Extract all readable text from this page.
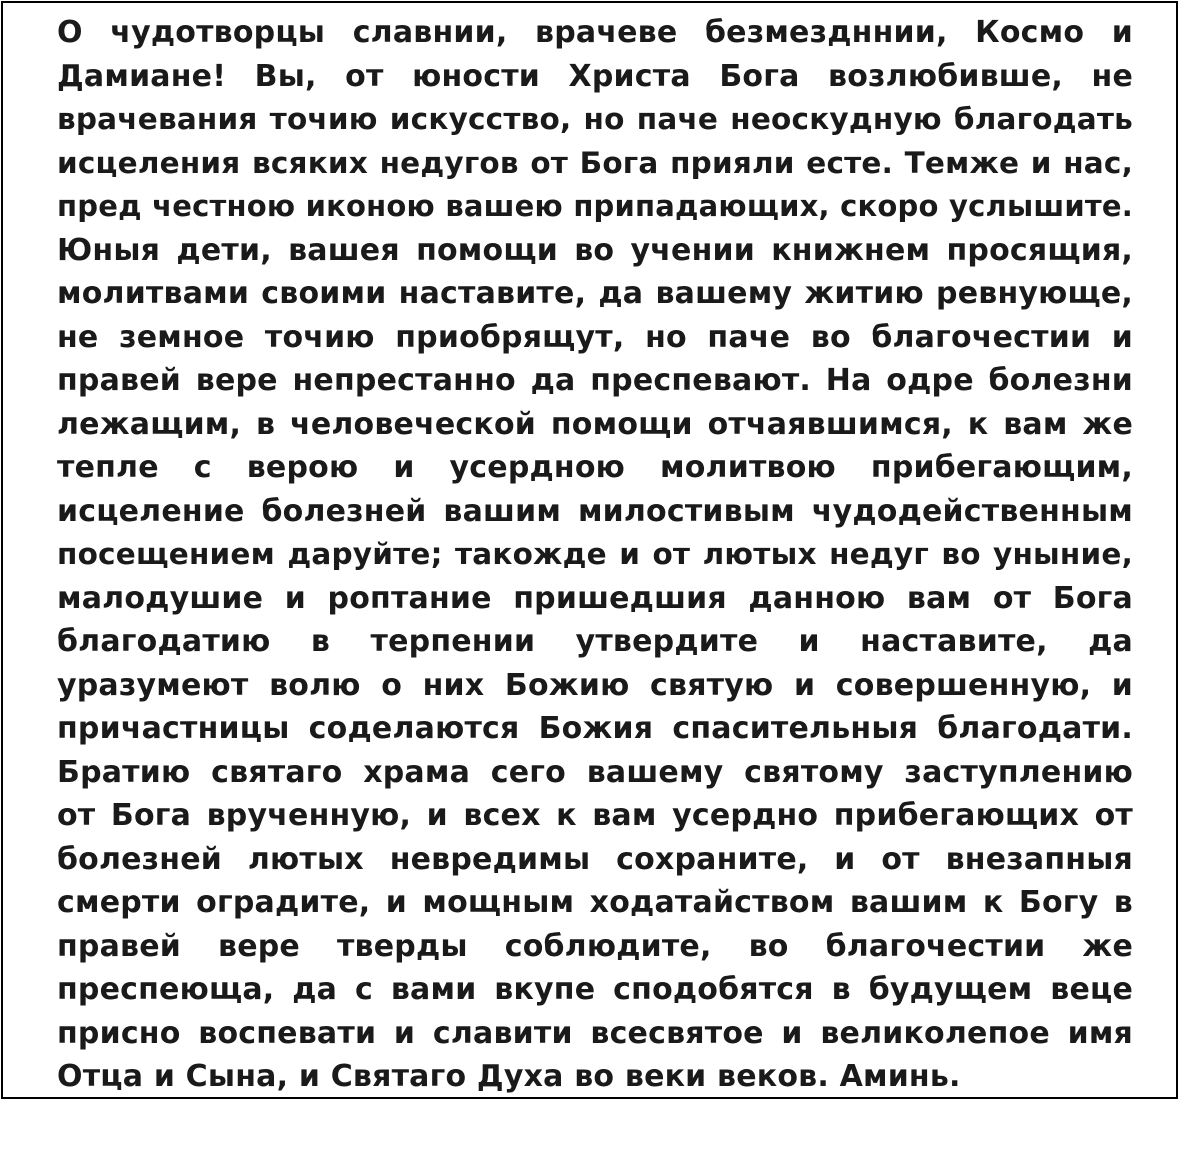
О чудотворцы славнии, врачеве безмездннии, Космо и
Дамиане! Вы, от юности Христа Бога возлюбивше, не
врачевания точию искусство, но паче неоскудную благодать
исцеления всяких недугов от Бога прияли есте. Темже и нас,
пред честною иконою вашею припадающих, скоро услышите.
Юныя дети, вашея помощи во учении книжнем просящия,
молитвами своими наставите, да вашему житию ревнующе,
не земное точию приобрящут, но паче во благочестии и
правей вере непрестанно да преспевают. На одре болезни
лежащим, в человеческой помощи отчаявшимся, к вам же
тепле с верою и усердною молитвою прибегающим,
исцеление болезней вашим милостивым чудодейственным
посещением даруйте; такожде и от лютых недуг во уныние,
малодушие и роптание пришедшия данною вам от Бога
благодатию в терпении утвердите и наставите, да
уразумеют волю о них Божию святую и совершенную, и
причастницы соделаются Божия спасительныя благодати.
Братию святаго храма сего вашему святому заступлению
от Бога врученную, и всех к вам усердно прибегающих от
болезней лютых невредимы сохраните, и от внезапныя
смерти оградите, и мощным ходатайством вашим к Богу в
правей вере тверды соблюдите, во благочестии же
преспеюща, да с вами вкупе сподобятся в будущем веце
присно воспевати и славити всесвятое и великолепое имя
Отца и Сына, и Святаго Духа во веки веков. Аминь.
